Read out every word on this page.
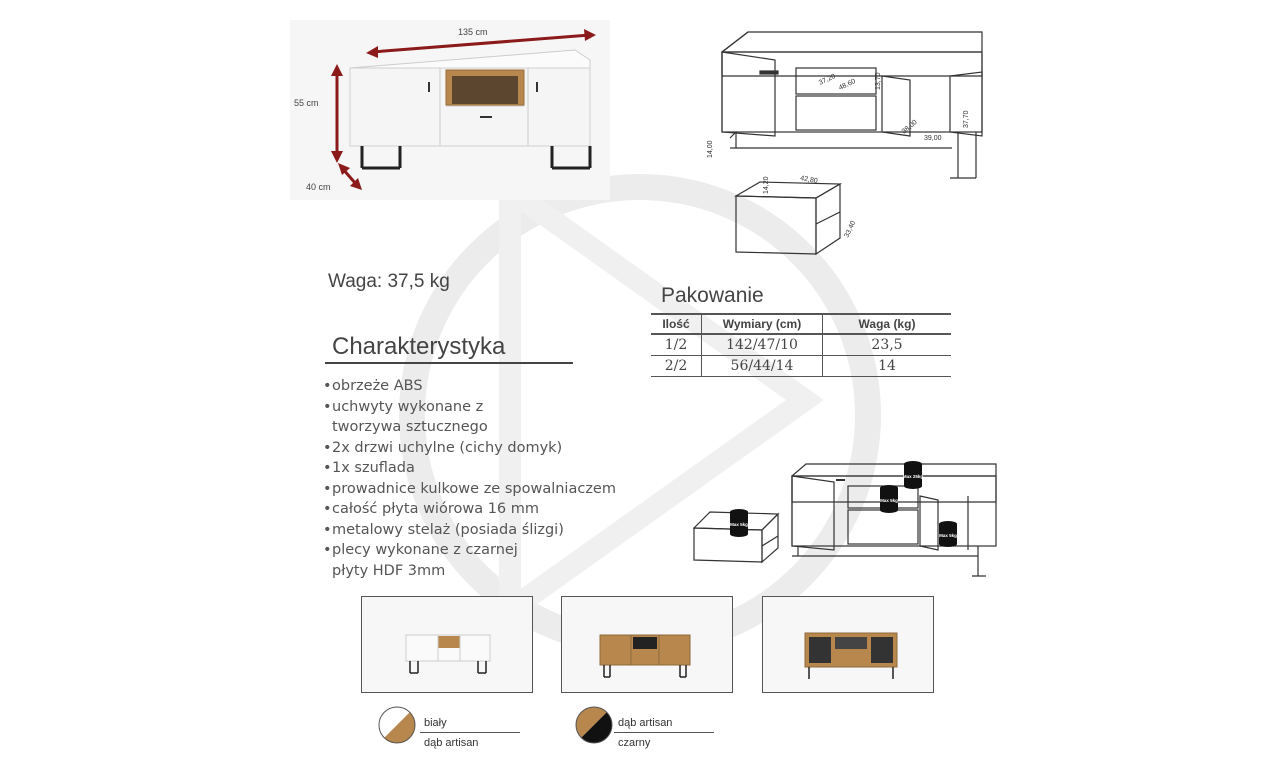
135 cm
55 cm
40 cm
37,20 48,60	13,70
37,70
14,00
38,00
39,00
14,20	42,80
33,40
Waga: 37,5 kg
Charakterystyka
•obrzeże ABS
•uchwyty wykonane z
tworzywa sztucznego
•2x drzwi uchylne (cichy domyk)
•1x szuflada
•prowadnice kulkowe ze spowalniaczem
•całość płyta wiórowa 16 mm
•metalowy stelaż (posiada ślizgi)
•plecy wykonane z czarnej
płyty HDF 3mm
Pakowanie
Ilość	Wymiary (cm)	Waga (kg)
1/2	142/47/10	23,5
2/2	56/44/14	14
Max 5kg
Max 5kg
Max 25kg
Max 5kg
biały
dąb artisan
dąb artisan
czarny
